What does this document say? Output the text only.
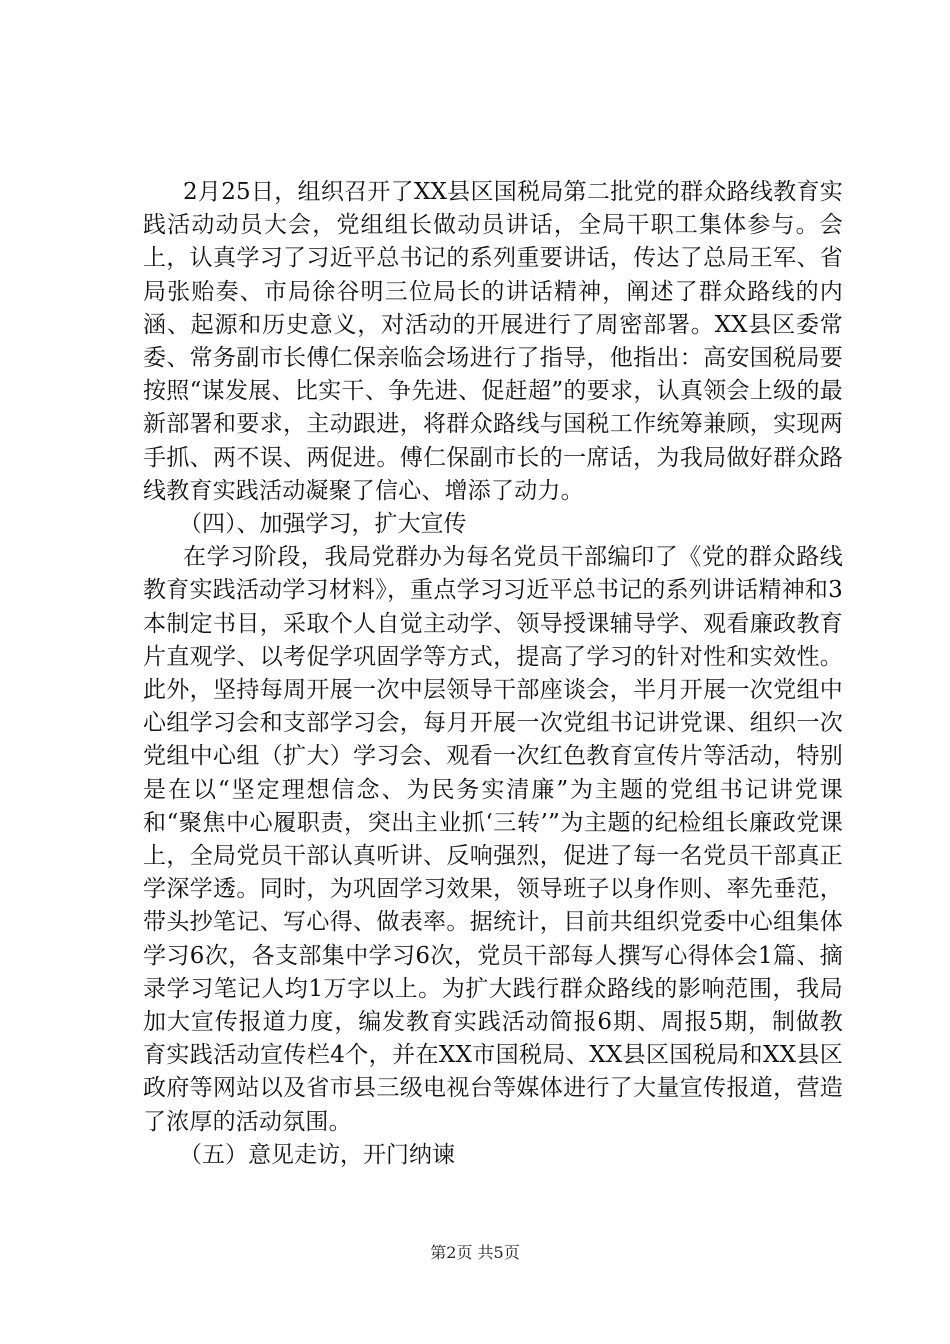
2月25日，组织召开了XX县区国税局第二批党的群众路线教育实践活动动员大会，党组组长做动员讲话，全局干职工集体参与。会上，认真学习了习近平总书记的系列重要讲话，传达了总局王军、省局张贻奏、市局徐谷明三位局长的讲话精神，阐述了群众路线的内涵、起源和历史意义，对活动的开展进行了周密部署。XX县区委常委、常务副市长傅仁保亲临会场进行了指导，他指出：高安国税局要按照“谋发展、比实干、争先进、促赶超”的要求，认真领会上级的最新部署和要求，主动跟进，将群众路线与国税工作统筹兼顾，实现两手抓、两不误、两促进。傅仁保副市长的一席话，为我局做好群众路线教育实践活动凝聚了信心、增添了动力。

（四）、加强学习，扩大宣传

在学习阶段，我局党群办为每名党员干部编印了《党的群众路线教育实践活动学习材料》，重点学习习近平总书记的系列讲话精神和3本制定书目，采取个人自觉主动学、领导授课辅导学、观看廉政教育片直观学、以考促学巩固学等方式，提高了学习的针对性和实效性。此外，坚持每周开展一次中层领导干部座谈会，半月开展一次党组中心组学习会和支部学习会，每月开展一次党组书记讲党课、组织一次党组中心组（扩大）学习会、观看一次红色教育宣传片等活动，特别是在以“坚定理想信念、为民务实清廉”为主题的党组书记讲党课和“聚焦中心履职责，突出主业抓‘三转’”为主题的纪检组长廉政党课上，全局党员干部认真听讲、反响强烈，促进了每一名党员干部真正学深学透。同时，为巩固学习效果，领导班子以身作则、率先垂范，带头抄笔记、写心得、做表率。据统计，目前共组织党委中心组集体学习6次，各支部集中学习6次，党员干部每人撰写心得体会1篇、摘录学习笔记人均1万字以上。为扩大践行群众路线的影响范围，我局加大宣传报道力度，编发教育实践活动简报6期、周报5期，制做教育实践活动宣传栏4个，并在XX市国税局、XX县区国税局和XX县区政府等网站以及省市县三级电视台等媒体进行了大量宣传报道，营造了浓厚的活动氛围。

（五）意见走访，开门纳谏

第2页 共5页
